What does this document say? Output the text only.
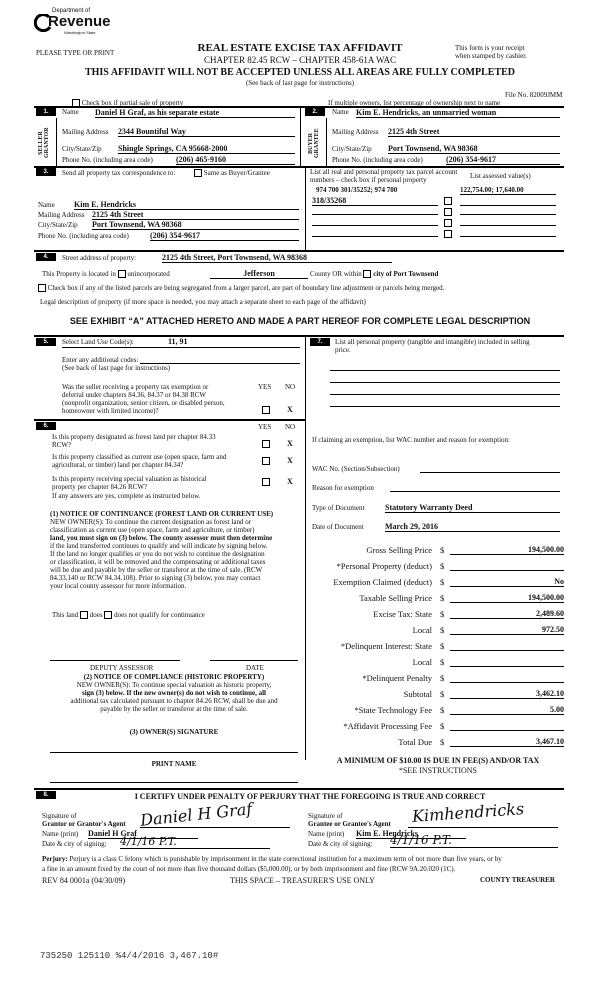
Department of
Revenue
Washington State
PLEASE TYPE OR PRINT	REAL ESTATE EXCISE TAX AFFIDAVIT
CHAPTER 82.45 RCW – CHAPTER 458-61A WAC
THIS AFFIDAVIT WILL NOT BE ACCEPTED UNLESS ALL AREAS ARE FULLY COMPLETED
(See back of last page for instructions)
This form is your receipt
when stamped by cashier.
File No. 82009JMM
Check box if partial sale of property	If multiple owners, list percentage of ownership next to name
1.
SELLER GRANTOR
Name Daniel H Graf, as his separate estate
Mailing Address 2344 Bountiful Way
City/State/Zip Shingle Springs, CA 95668-2000
Phone No. (including area code)	(206) 465-9160
2.
BUYER GRANTEE
Name Kim E. Hendricks, an unmarried woman
Mailing Address 2125 4th Street
City/State/Zip Port Townsend, WA 98368
Phone No. (including area code)	(206) 354-9617
3.	Send all property tax correspondence to:	Same as Buyer/Grantee
Name Kim E. Hendricks
Mailing Address 2125 4th Street
City/State/Zip Port Townsend, WA 98368
Phone No. (including area code)	(206) 354-9617
List all real and personal property tax parcel account
numbers – check box if personal property
974 700 301/35252; 974 700
318/35268
List assessed value(s)
122,754.00; 17,640.00
4.	Street address of property:	2125 4th Street, Port Townsend, WA 98368
This Property is located in unincorporated	Jefferson	County OR within city of Port Townsend
Check box if any of the listed parcels are being segregated from a larger parcel, are part of boundary line adjustment or parcels being merged.
Legal description of property (if more space is needed, you may attach a separate sheet to each page of the affidavit)
SEE EXHIBIT “A” ATTACHED HERETO AND MADE A PART HEREOF FOR COMPLETE LEGAL DESCRIPTION
5.	Select Land Use Code(s):	11, 91
Enter any additional codes:
(See back of last page for instructions)
Was the seller receiving a property tax exemption or
deferral under chapters 84.36, 84.37 or 84.38 RCW
(nonprofit organization, senior citizen, or disabled person,
homeowner with limited income)?
YES NO
X
7.	List all personal property (tangible and intangible) included in selling
price.
6.	YES NO
Is this property designated as forest land per chapter 84.33
RCW?	X
Is this property classified as current use (open space, farm and
agricultural, or timber) land per chapter 84.34?	X
Is this property receiving special valuation as historical
property per chapter 84.26 RCW?
X
If any answers are yes, complete as instructed below.
(1) NOTICE OF CONTINUANCE (FOREST LAND OR CURRENT USE)
NEW OWNER(S): To continue the current designation as forest land or
classification as current use (open space, farm and agriculture, or timber)
land, you must sign on (3) below. The county assessor must then determine
if the land transferred continues to qualify and will indicate by signing below.
If the land no longer qualifies or you do not wish to continue the designation
or classification, it will be removed and the compensating or additional taxes
will be due and payable by the seller or transferor at the time of sale. (RCW
84.33.140 or RCW 84.34.108). Prior to signing (3) below, you may contact
your local county assessor for more information.
This land does does not qualify for continuance
DEPUTY ASSESSOR	DATE
(2) NOTICE OF COMPLIANCE (HISTORIC PROPERTY)
NEW OWNER(S): To continue special valuation as historic property,
sign (3) below. If the new owner(s) do not wish to continue, all
additional tax calculated pursuant to chapter 84.26 RCW, shall be due and
payable by the seller or transferor at the time of sale.
(3) OWNER(S) SIGNATURE
PRINT NAME
If claiming an exemption, list WAC number and reason for exemption:
WAC No. (Section/Subsection)
Reason for exemption
Type of Document	Statutory Warranty Deed
Date of Document	March 29, 2016
Gross Selling Price $	194,500.00
*Personal Property (deduct) $
Exemption Claimed (deduct) $	No
Taxable Selling Price $	194,500.00
Excise Tax: State $	2,489.60
Local $	972.50
*Delinquent Interest: State $
Local $
*Delinquent Penalty $
Subtotal $	3,462.10
*State Technology Fee $	5.00
*Affidavit Processing Fee $
Total Due $	3,467.10
A MINIMUM OF $10.00 IS DUE IN FEE(S) AND/OR TAX
*SEE INSTRUCTIONS
8.	I CERTIFY UNDER PENALTY OF PERJURY THAT THE FOREGOING IS TRUE AND CORRECT
Signature of
Grantor or Grantor's Agent Daniel H Graf
Name (print) Daniel H Graf
Date & city of signing: 4/1/16 P.T.
Signature of
Grantee or Grantee's Agent Kimhendricks
Name (print) Kim E. Hendricks
Date & city of signing: 4/1/16 P.T.
Perjury: Perjury is a class C felony which is punishable by imprisonment in the state correctional institution for a maximum term of not more than five years, or by
a fine in an amount fixed by the court of not more than five thousand dollars ($5,000.00), or by both imprisonment and fine (RCW 9A.20.020 (1C).
REV 84 0001a (04/30/09)	THIS SPACE – TREASURER'S USE ONLY	COUNTY TREASURER
735250 125110 %4/4/2016 3,467.10#
